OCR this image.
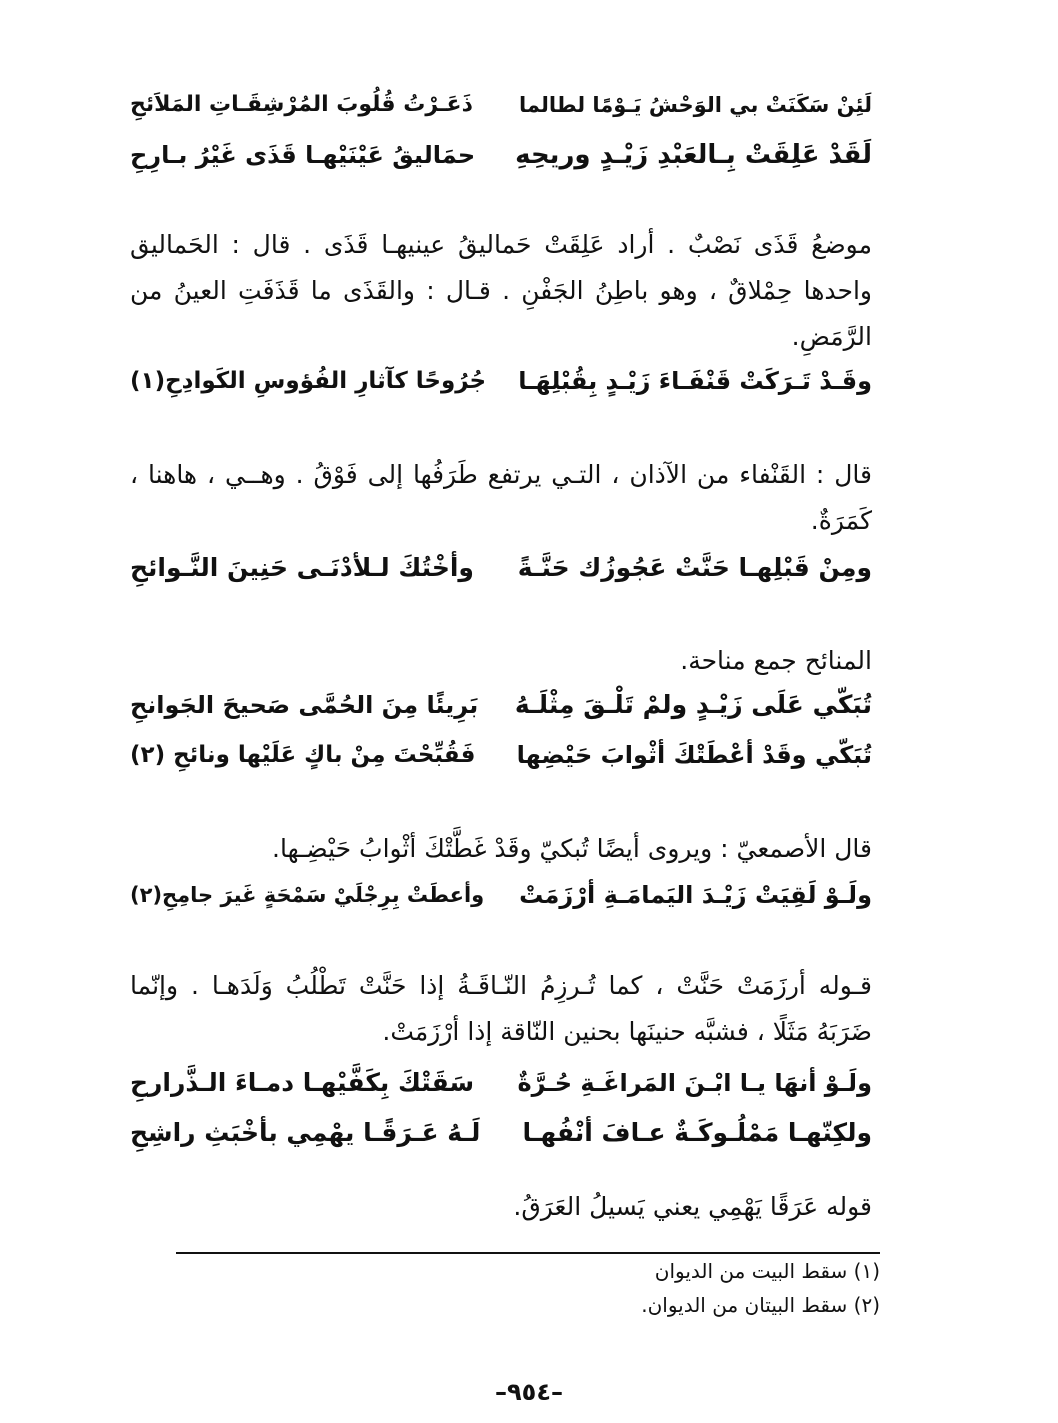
لَئِنْ سَكَنَتْ بي الوَحْشُ يَـوْمًا لطالما
ذَعَـرْتُ قُلُوبَ المُرْشِقَـاتِ المَلاَئحِ
لَقَدْ عَلِقَتْ بِـالعَبْدِ زَيْـدٍ وريحِهِ
حمَاليقُ عَيْنَيْهـا قَذَى غَيْرُ بـارِحِ

موضعُ قَذَى نَصْبٌ . أراد عَلِقَتْ حَماليقُ عينيهـا قَذَى . قال : الحَماليق واحدها حِمْلاقٌ ، وهو باطِنُ الجَفْنِ . قـال : والقَذَى ما قَذَفَتِ العينُ من الرَّمَضِ.

وقَـدْ تَـرَكَتْ قَنْفَـاءَ زَيْـدٍ بِقُبْلِهَـا
جُرُوحًا كآثارِ الفُؤوسِ الكَوادِحِ(١)

قال : القَنْفاء من الآذان ، التـي يرتفع طَرَفُها إلى فَوْقُ . وهــي ، هاهنا ، كَمَرَةٌ.

ومِنْ قَبْلِهـا حَنَّتْ عَجُوزُك حَنَّـةً
وأخْتُكَ لـلأدْنَـى حَنِينَ النَّـوائحِ

المنائح جمع مناحة.

تُبَكّي عَلَى زَيْـدٍ ولمْ تَلْـقَ مِثْلَـهُ
بَرِيئًا مِنَ الحُمَّى صَحيحَ الجَوانحِ
تُبَكّي وقَدْ أعْطَتْكَ أثْوابَ حَيْضِها
فَقُبِّحْتَ مِنْ باكٍ عَلَيْها ونائحِ (٢)

قال الأصمعيّ : ويروى أيضًا تُبكيّ وقَدْ غَطَّتْكَ أثْوابُ حَيْضِـها.

ولَـوْ لَقِيَتْ زَيْـدَ اليَمامَـةِ أرْزَمَتْ
وأعطَتْ بِرِجْلَيْ سَمْحَةٍ غَيرَ جامِحِ(٢)

قـوله أرزَمَتْ حَنَّتْ ، كما تُـرزِمُ النّـاقَـةُ إذا حَنَّتْ تَطْلُبُ وَلَدَهـا . وإنّما ضَرَبَهُ مَثَلًا ، فشبَّه حنينَها بحنين النّاقة إذا أرْزَمَتْ.

ولَـوْ أنهَا يـا ابْـنَ المَراغَـةِ حُـرَّةٌ
سَقَتْكَ بِكَفَّيْهـا دمـاءَ الـذَّرارحِ
ولكِنّهـا مَمْلُـوكَـةٌ عـافَ أنْفُهـا
لَـهُ عَـرَقًـا يهْمِي بأخْبَثِ راشِحِ

قوله عَرَقًا يَهْمِي يعني يَسيلُ العَرَقُ.

(١) سقط البيت من الديوان
(٢) سقط البيتان من الديوان.
–٩٥٤–
